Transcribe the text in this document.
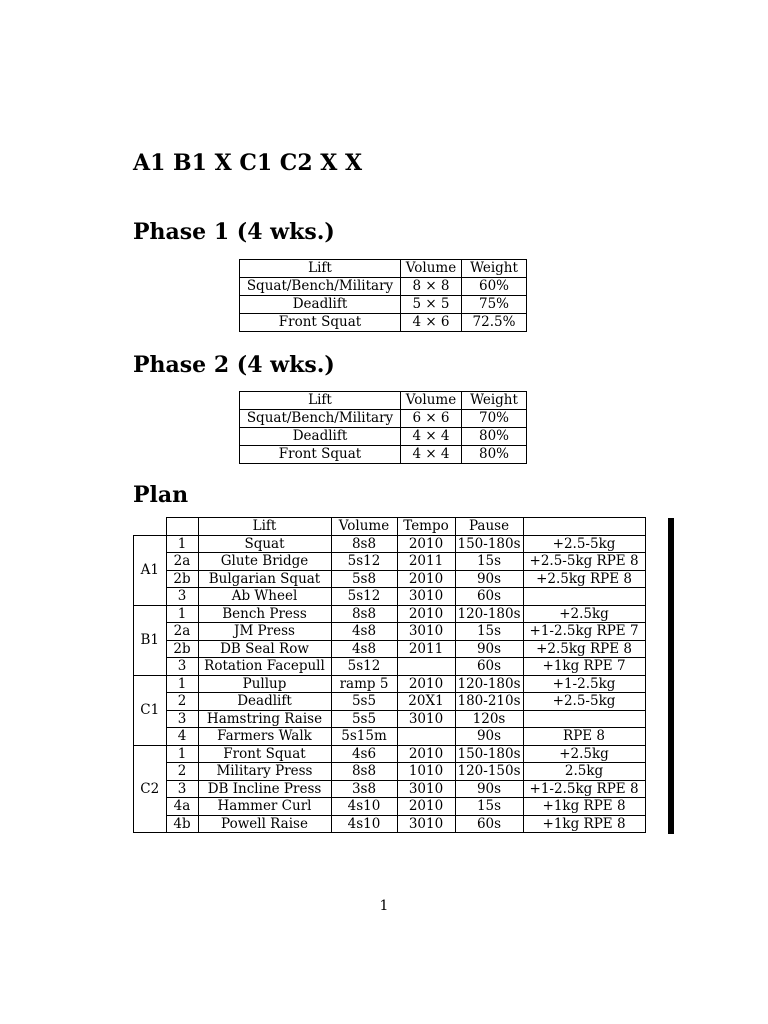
A1 B1 X C1 C2 X X
Phase 1 (4 wks.)
Lift	Volume	Weight
Squat/Bench/Military	8 × 8	60%
Deadlift	5 × 5	75%
Front Squat	4 × 6	72.5%
Phase 2 (4 wks.)
Lift	Volume	Weight
Squat/Bench/Military	6 × 6	70%
Deadlift	4 × 4	80%
Front Squat	4 × 4	80%
Plan
		Lift	Volume	Tempo	Pause	
A1	1	Squat	8s8	2010	150-180s	+2.5-5kg
	2a	Glute Bridge	5s12	2011	15s	+2.5-5kg RPE 8
	2b	Bulgarian Squat	5s8	2010	90s	+2.5kg RPE 8
	3	Ab Wheel	5s12	3010	60s	
B1	1	Bench Press	8s8	2010	120-180s	+2.5kg
	2a	JM Press	4s8	3010	15s	+1-2.5kg RPE 7
	2b	DB Seal Row	4s8	2011	90s	+2.5kg RPE 8
	3	Rotation Facepull	5s12		60s	+1kg RPE 7
C1	1	Pullup	ramp 5	2010	120-180s	+1-2.5kg
	2	Deadlift	5s5	20X1	180-210s	+2.5-5kg
	3	Hamstring Raise	5s5	3010	120s	
	4	Farmers Walk	5s15m		90s	RPE 8
C2	1	Front Squat	4s6	2010	150-180s	+2.5kg
	2	Military Press	8s8	1010	120-150s	2.5kg
	3	DB Incline Press	3s8	3010	90s	+1-2.5kg RPE 8
	4a	Hammer Curl	4s10	2010	15s	+1kg RPE 8
	4b	Powell Raise	4s10	3010	60s	+1kg RPE 8
1
